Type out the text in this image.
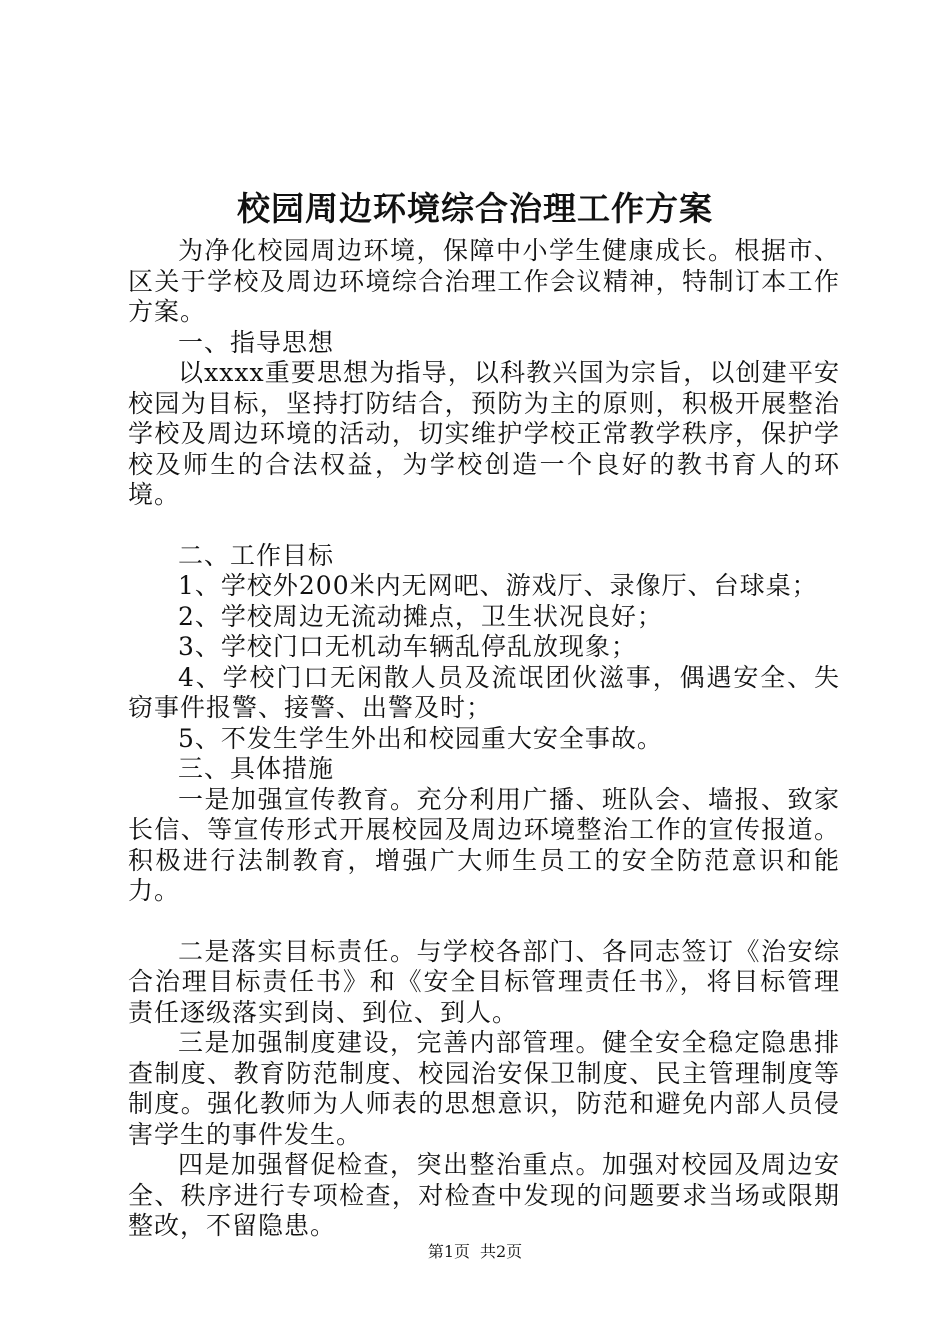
校园周边环境综合治理工作方案

为净化校园周边环境，保障中小学生健康成长。根据市、区关于学校及周边环境综合治理工作会议精神，特制订本工作方案。

一、指导思想

以xxxx重要思想为指导，以科教兴国为宗旨，以创建平安校园为目标，坚持打防结合，预防为主的原则，积极开展整治学校及周边环境的活动，切实维护学校正常教学秩序，保护学校及师生的合法权益，为学校创造一个良好的教书育人的环境。

二、工作目标

1、学校外200米内无网吧、游戏厅、录像厅、台球桌；

2、学校周边无流动摊点，卫生状况良好；

3、学校门口无机动车辆乱停乱放现象；

4、学校门口无闲散人员及流氓团伙滋事，偶遇安全、失窃事件报警、接警、出警及时；

5、不发生学生外出和校园重大安全事故。

三、具体措施

一是加强宣传教育。充分利用广播、班队会、墙报、致家长信、等宣传形式开展校园及周边环境整治工作的宣传报道。积极进行法制教育，增强广大师生员工的安全防范意识和能力。

二是落实目标责任。与学校各部门、各同志签订《治安综合治理目标责任书》和《安全目标管理责任书》，将目标管理责任逐级落实到岗、到位、到人。

三是加强制度建设，完善内部管理。健全安全稳定隐患排查制度、教育防范制度、校园治安保卫制度、民主管理制度等制度。强化教师为人师表的思想意识，防范和避免内部人员侵害学生的事件发生。

四是加强督促检查，突出整治重点。加强对校园及周边安全、秩序进行专项检查，对检查中发现的问题要求当场或限期整改，不留隐患。

第1页 共2页
